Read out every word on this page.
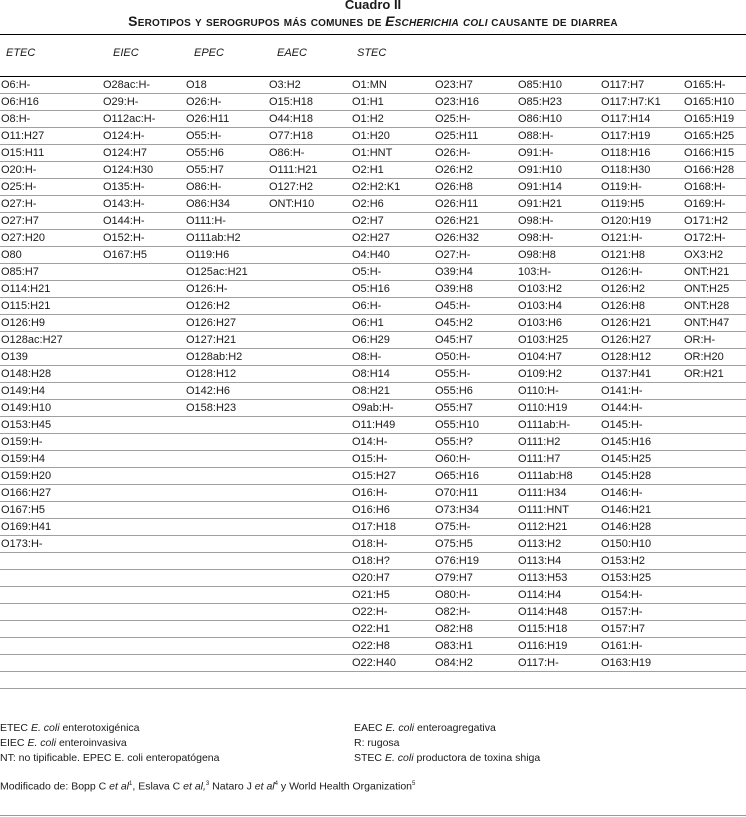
Cuadro II
Serotipos y serogrupos más comunes de Escherichia coli causante de diarrea
ETEC	EIEC	EPEC	EAEC	STEC
O6:H-	O28ac:H-	O18	O3:H2	O1:MN	O23:H7	O85:H10	O117:H7	O165:H-
O6:H16	O29:H-	O26:H-	O15:H18	O1:H1	O23:H16	O85:H23	O117:H7:K1	O165:H10
O8:H-	O112ac:H-	O26:H11	O44:H18	O1:H2	O25:H-	O86:H10	O117:H14	O165:H19
O11:H27	O124:H-	O55:H-	O77:H18	O1:H20	O25:H11	O88:H-	O117:H19	O165:H25
O15:H11	O124:H7	O55:H6	O86:H-	O1:HNT	O26:H-	O91:H-	O118:H16	O166:H15
O20:H-	O124:H30	O55:H7	O111:H21	O2:H1	O26:H2	O91:H10	O118:H30	O166:H28
O25:H-	O135:H-	O86:H-	O127:H2	O2:H2:K1	O26:H8	O91:H14	O119:H-	O168:H-
O27:H-	O143:H-	O86:H34	ONT:H10	O2:H6	O26:H11	O91:H21	O119:H5	O169:H-
O27:H7	O144:H-	O111:H-		O2:H7	O26:H21	O98:H-	O120:H19	O171:H2
O27:H20	O152:H-	O111ab:H2		O2:H27	O26:H32	O98:H-	O121:H-	O172:H-
O80	O167:H5	O119:H6		O4:H40	O27:H-	O98:H8	O121:H8	OX3:H2
O85:H7		O125ac:H21		O5:H-	O39:H4	103:H-	O126:H-	ONT:H21
O114:H21		O126:H-		O5:H16	O39:H8	O103:H2	O126:H2	ONT:H25
O115:H21		O126:H2		O6:H-	O45:H-	O103:H4	O126:H8	ONT:H28
O126:H9		O126:H27		O6:H1	O45:H2	O103:H6	O126:H21	ONT:H47
O128ac:H27		O127:H21		O6:H29	O45:H7	O103:H25	O126:H27	OR:H-
O139		O128ab:H2		O8:H-	O50:H-	O104:H7	O128:H12	OR:H20
O148:H28		O128:H12		O8:H14	O55:H-	O109:H2	O137:H41	OR:H21
O149:H4		O142:H6		O8:H21	O55:H6	O110:H-	O141:H-	
O149:H10		O158:H23		O9ab:H-	O55:H7	O110:H19	O144:H-	
O153:H45				O11:H49	O55:H10	O111ab:H-	O145:H-	
O159:H-				O14:H-	O55:H?	O111:H2	O145:H16	
O159:H4				O15:H-	O60:H-	O111:H7	O145:H25	
O159:H20				O15:H27	O65:H16	O111ab:H8	O145:H28	
O166:H27				O16:H-	O70:H11	O111:H34	O146:H-	
O167:H5				O16:H6	O73:H34	O111:HNT	O146:H21	
O169:H41				O17:H18	O75:H-	O112:H21	O146:H28	
O173:H-				O18:H-	O75:H5	O113:H2	O150:H10	
				O18:H?	O76:H19	O113:H4	O153:H2	
				O20:H7	O79:H7	O113:H53	O153:H25	
				O21:H5	O80:H-	O114:H4	O154:H-	
				O22:H-	O82:H-	O114:H48	O157:H-	
				O22:H1	O82:H8	O115:H18	O157:H7	
				O22:H8	O83:H1	O116:H19	O161:H-	
				O22:H40	O84:H2	O117:H-	O163:H19	

ETEC E. coli enterotoxigénica
EIEC E. coli enteroinvasiva
NT: no tipificable. EPEC E. coli enteropatógena
EAEC E. coli enteroagregativa
R: rugosa
STEC E. coli productora de toxina shiga
Modificado de: Bopp C et $al^1$, Eslava C et al,$^3$ Nataro J et $al^4$ y World Health Organization$^5$
